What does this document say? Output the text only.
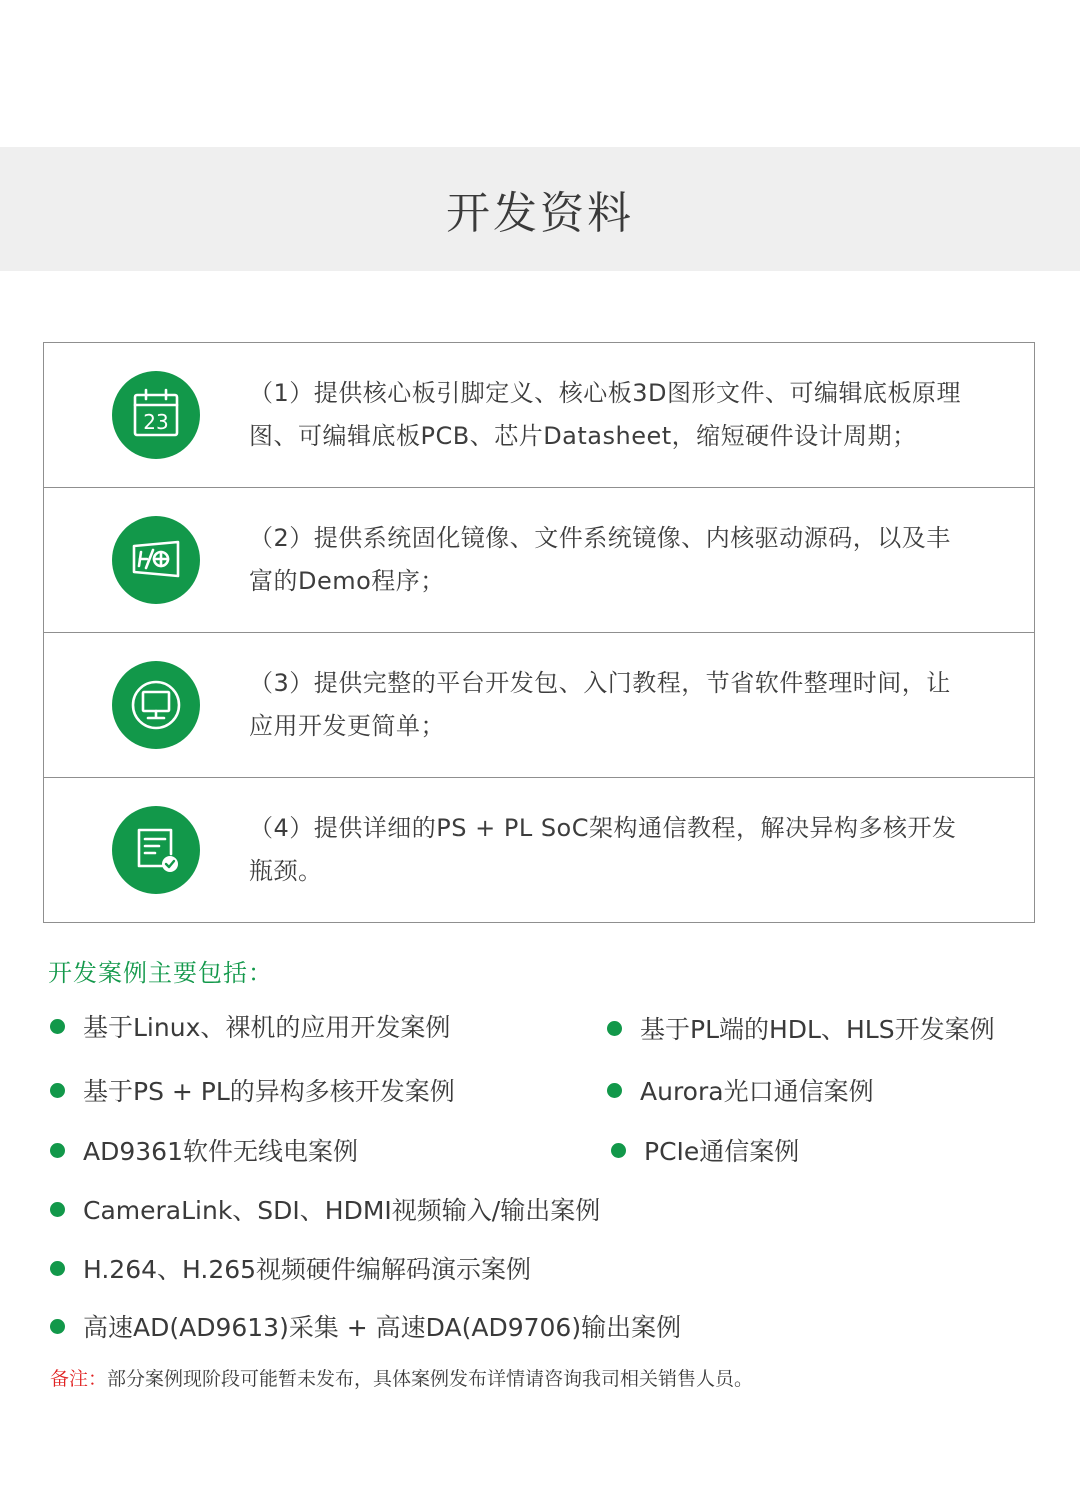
开发资料
23
（1）提供核心板引脚定义、核心板3D图形文件、可编辑底板原理图、可编辑底板PCB、芯片Datasheet，缩短硬件设计周期；
（2）提供系统固化镜像、文件系统镜像、内核驱动源码，以及丰富的Demo程序；
（3）提供完整的平台开发包、入门教程，节省软件整理时间，让应用开发更简单；
（4）提供详细的PS + PL SoC架构通信教程，解决异构多核开发瓶颈。
开发案例主要包括：
基于Linux、裸机的应用开发案例	基于PL端的HDL、HLS开发案例
基于PS + PL的异构多核开发案例	Aurora光口通信案例
AD9361软件无线电案例	PCIe通信案例
CameraLink、SDI、HDMI视频输入/输出案例
H.264、H.265视频硬件编解码演示案例
高速AD(AD9613)采集 + 高速DA(AD9706)输出案例
备注：部分案例现阶段可能暂未发布，具体案例发布详情请咨询我司相关销售人员。
